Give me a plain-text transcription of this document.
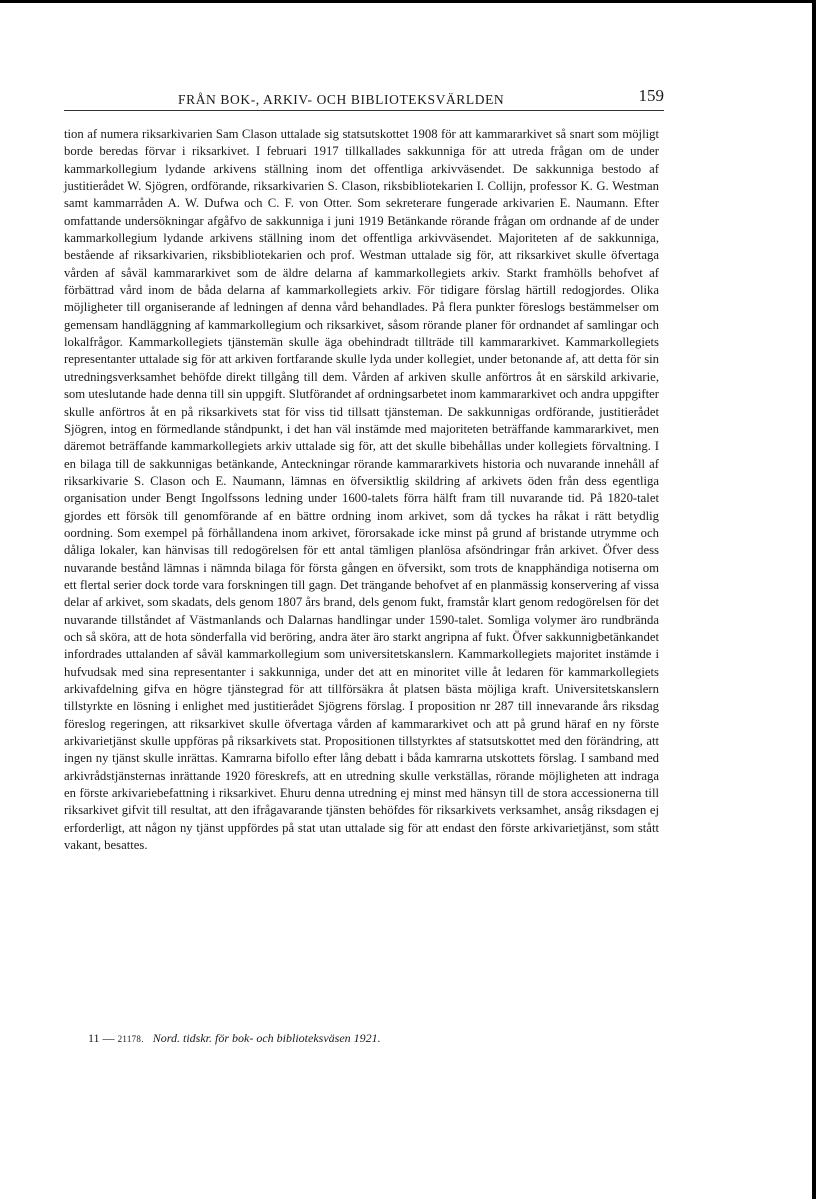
FRÅN BOK-, ARKIV- OCH BIBLIOTEKSVÄRLDEN	159

tion af numera riksarkivarien Sam Clason uttalade sig statsutskottet 1908 för att kammararkivet så snart som möjligt borde beredas förvar i riksarkivet. I februari 1917 tillkallades sakkunniga för att utreda frågan om de under kammarkollegium lydande arkivens ställning inom det offentliga arkivväsendet. De sakkunniga bestodo af justitierådet W. Sjögren, ordförande, riksarkivarien S. Clason, riksbibliotekarien I. Collijn, professor K. G. Westman samt kammarråden A. W. Dufwa och C. F. von Otter. Som sekreterare fungerade arkivarien E. Naumann. Efter omfattande undersökningar afgåfvo de sakkunniga i juni 1919 Betänkande rörande frågan om ordnande af de under kammarkollegium lydande arkivens ställning inom det offentliga arkivväsendet. Majoriteten af de sakkunniga, bestående af riksarkivarien, riksbibliotekarien och prof. Westman uttalade sig för, att riksarkivet skulle öfvertaga vården af såväl kammararkivet som de äldre delarna af kammarkollegiets arkiv. Starkt framhölls behofvet af förbättrad vård inom de båda delarna af kammarkollegiets arkiv. För tidigare förslag härtill redogjordes. Olika möjligheter till organiserande af ledningen af denna vård behandlades. På flera punkter föreslogs bestämmelser om gemensam handläggning af kammarkollegium och riksarkivet, såsom rörande planer för ordnandet af samlingar och lokalfrågor. Kammarkollegiets tjänstemän skulle äga obehindradt tillträde till kammararkivet. Kammarkollegiets representanter uttalade sig för att arkiven fortfarande skulle lyda under kollegiet, under betonande af, att detta för sin utredningsverksamhet behöfde direkt tillgång till dem. Vården af arkiven skulle anförtros åt en särskild arkivarie, som uteslutande hade denna till sin uppgift. Slutförandet af ordningsarbetet inom kammararkivet och andra uppgifter skulle anförtros åt en på riksarkivets stat för viss tid tillsatt tjänsteman. De sakkunnigas ordförande, justitierådet Sjögren, intog en förmedlande ståndpunkt, i det han väl instämde med majoriteten beträffande kammararkivet, men däremot beträffande kammarkollegiets arkiv uttalade sig för, att det skulle bibehållas under kollegiets förvaltning. I en bilaga till de sakkunnigas betänkande, Anteckningar rörande kammararkivets historia och nuvarande innehåll af riksarkivarie S. Clason och E. Naumann, lämnas en öfversiktlig skildring af arkivets öden från dess egentliga organisation under Bengt Ingolfssons ledning under 1600-talets förra hälft fram till nuvarande tid. På 1820-talet gjordes ett försök till genomförande af en bättre ordning inom arkivet, som då tyckes ha råkat i rätt betydlig oordning. Som exempel på förhållandena inom arkivet, förorsakade icke minst på grund af bristande utrymme och dåliga lokaler, kan hänvisas till redogörelsen för ett antal tämligen planlösa afsöndringar från arkivet. Öfver dess nuvarande bestånd lämnas i nämnda bilaga för första gången en öfversikt, som trots de knapphändiga notiserna om ett flertal serier dock torde vara forskningen till gagn. Det trängande behofvet af en planmässig konservering af vissa delar af arkivet, som skadats, dels genom 1807 års brand, dels genom fukt, framstår klart genom redogörelsen för det nuvarande tillståndet af Västmanlands och Dalarnas handlingar under 1590-talet. Somliga volymer äro rundbrända och så sköra, att de hota sönderfalla vid beröring, andra äter äro starkt angripna af fukt. Öfver sakkunnigbetänkandet infordrades uttalanden af såväl kammarkollegium som universitetskanslern. Kammarkollegiets majoritet instämde i hufvudsak med sina representanter i sakkunniga, under det att en minoritet ville åt ledaren för kammarkollegiets arkivafdelning gifva en högre tjänstegrad för att tillförsäkra åt platsen bästa möjliga kraft. Universitetskanslern tillstyrkte en lösning i enlighet med justitierådet Sjögrens förslag. I proposition nr 287 till innevarande års riksdag föreslog regeringen, att riksarkivet skulle öfvertaga vården af kammararkivet och att på grund häraf en ny förste arkivarietjänst skulle uppföras på riksarkivets stat. Propositionen tillstyrktes af statsutskottet med den förändring, att ingen ny tjänst skulle inrättas. Kamrarna bifollo efter lång debatt i båda kamrarna utskottets förslag. I samband med arkivrådstjänsternas inrättande 1920 föreskrefs, att en utredning skulle verkställas, rörande möjligheten att indraga en förste arkivariebefattning i riksarkivet. Ehuru denna utredning ej minst med hänsyn till de stora accessionerna till riksarkivet gifvit till resultat, att den ifrågavarande tjänsten behöfdes för riksarkivets verksamhet, ansåg riksdagen ej erforderligt, att någon ny tjänst uppfördes på stat utan uttalade sig för att endast den förste arkivarietjänst, som stått vakant, besattes.

11 — 21178. Nord. tidskr. för bok- och biblioteksväsen 1921.
